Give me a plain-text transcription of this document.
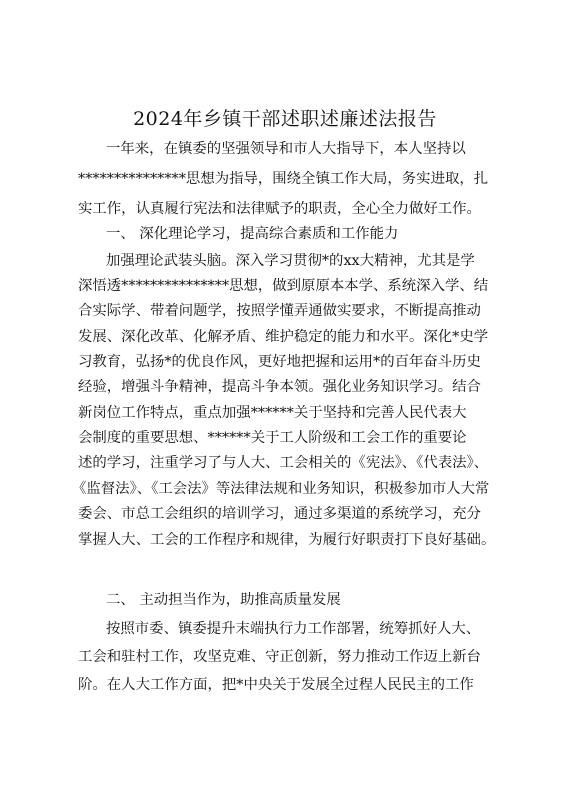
2024年乡镇干部述职述廉述法报告
一年来，在镇委的坚强领导和市人大指导下，本人坚持以
***************思想为指导，围绕全镇工作大局，务实进取，扎
实工作，认真履行宪法和法律赋予的职责，全心全力做好工作。
一、 深化理论学习，提高综合素质和工作能力
加强理论武装头脑。深入学习贯彻*的xx大精神，尤其是学
深悟透***************思想，做到原原本本学、系统深入学、结
合实际学、带着问题学，按照学懂弄通做实要求，不断提高推动
发展、深化改革、化解矛盾、维护稳定的能力和水平。深化*史学
习教育，弘扬*的优良作风，更好地把握和运用*的百年奋斗历史
经验，增强斗争精神，提高斗争本领。强化业务知识学习。结合
新岗位工作特点，重点加强******关于坚持和完善人民代表大
会制度的重要思想、******关于工人阶级和工会工作的重要论
述的学习，注重学习了与人大、工会相关的《宪法》、《代表法》、
《监督法》、《工会法》等法律法规和业务知识，积极参加市人大常
委会、市总工会组织的培训学习，通过多渠道的系统学习，充分
掌握人大、工会的工作程序和规律，为履行好职责打下良好基础。
二、 主动担当作为，助推高质量发展
按照市委、镇委提升末端执行力工作部署，统筹抓好人大、
工会和驻村工作，攻坚克难、守正创新，努力推动工作迈上新台
阶。在人大工作方面，把*中央关于发展全过程人民民主的工作
